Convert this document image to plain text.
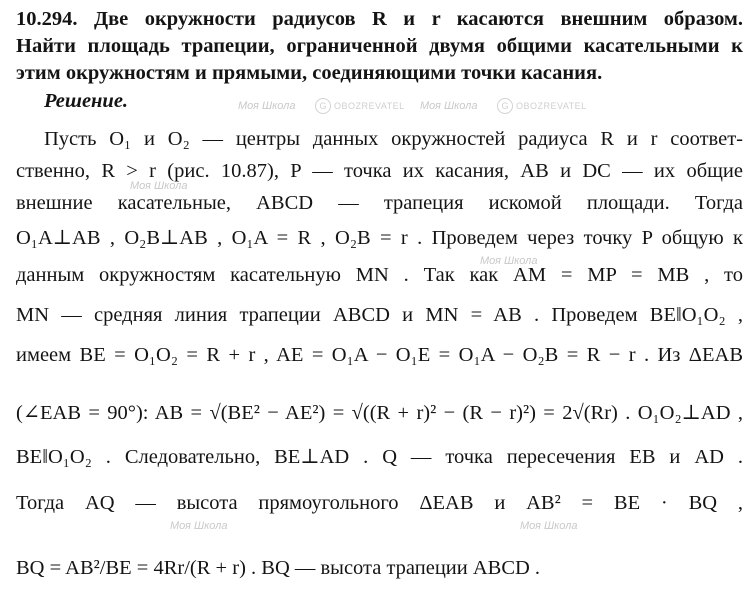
Моя Школа	G OBOZREVATEL Моя Школа	G OBOZREVATEL
Моя Школа
Моя Школа
Моя Школа	Моя Школа
10.294. Две окружности радиусов R и r касаются внешним образом.
Найти площадь трапеции, ограниченной двумя общими касательными к
этим окружностям и прямыми, соединяющими точки касания.
Решение.
Пусть O₁ и O₂ — центры данных окружностей радиуса R и r соответ-
ственно, R > r (рис. 10.87), P — точка их касания, AB и DC — их общие
внешние касательные, ABCD — трапеция искомой площади. Тогда
O₁A⊥AB , O₂B⊥AB , O₁A = R , O₂B = r . Проведем через точку P общую к
данным окружностям касательную MN . Так как AM = MP = MB , то
MN — средняя линия трапеции ABCD и MN = AB . Проведем BE‖O₁O₂ ,
имеем BE = O₁O₂ = R + r , AE = O₁A − O₁E = O₁A − O₂B = R − r . Из ΔEAB
(∠EAB = 90°): AB = √(BE² − AE²) = √((R + r)² − (R − r)²) = 2√(Rr) . O₁O₂⊥AD ,
BE‖O₁O₂ . Следовательно, BE⊥AD . Q — точка пересечения EB и AD .
Тогда AQ — высота прямоугольного ΔEAB и AB² = BE · BQ ,
BQ = AB²/BE = 4Rr/(R + r) . BQ — высота трапеции ABCD .
